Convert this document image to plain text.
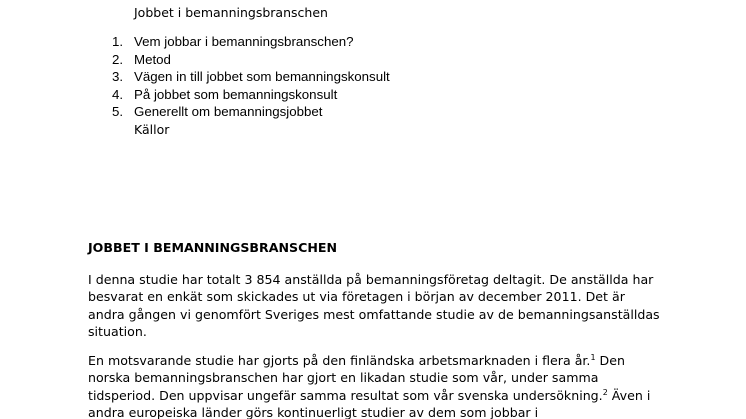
Jobbet i bemanningsbranschen
1. Vem jobbar i bemanningsbranschen?
2. Metod
3. Vägen in till jobbet som bemanningskonsult
4. På jobbet som bemanningskonsult
5. Generellt om bemanningsjobbet
Källor
JOBBET I BEMANNINGSBRANSCHEN

I denna studie har totalt 3 854 anställda på bemanningsföretag deltagit. De anställda har
besvarat en enkät som skickades ut via företagen i början av december 2011. Det är
andra gången vi genomfört Sveriges mest omfattande studie av de bemanningsanställdas
situation.

En motsvarande studie har gjorts på den finländska arbetsmarknaden i flera år.$^1$ Den
norska bemanningsbranschen har gjort en likadan studie som vår, under samma
tidsperiod. Den uppvisar ungefär samma resultat som vår svenska undersökning.$^2$ Även i
andra europeiska länder görs kontinuerligt studier av dem som jobbar i
